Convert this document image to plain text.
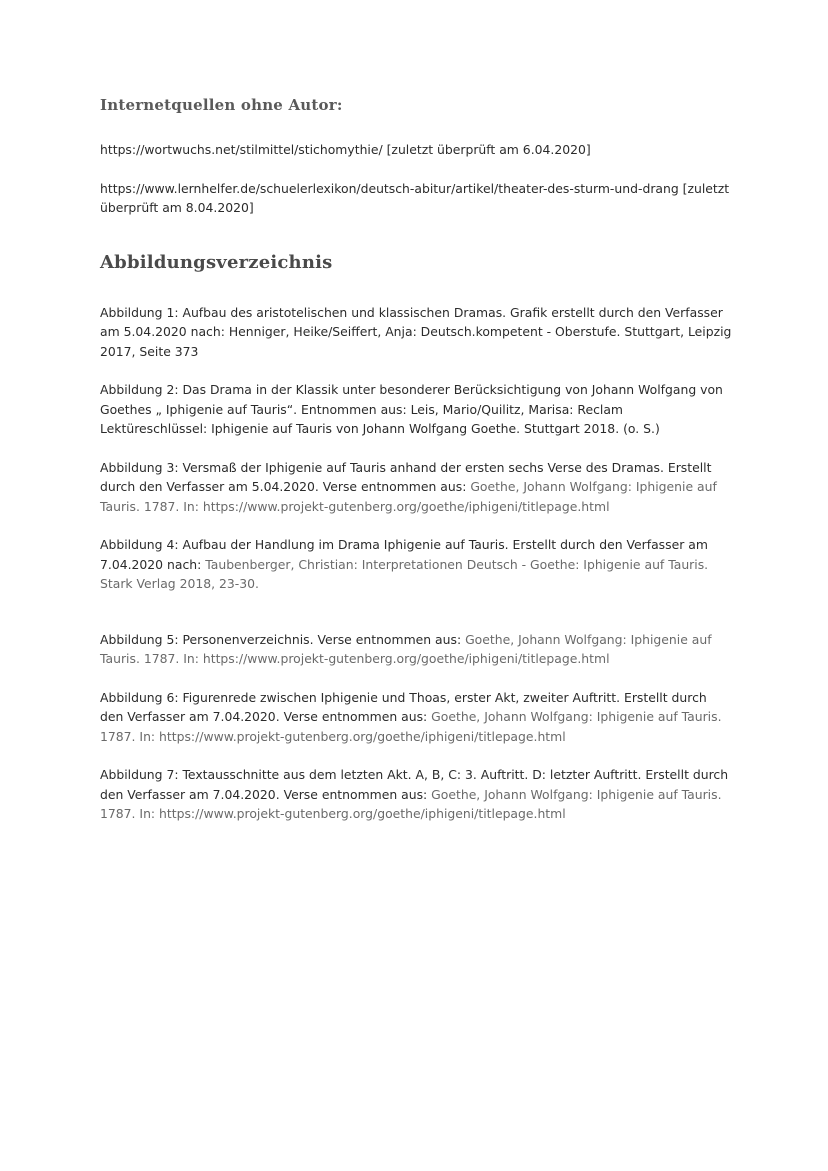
Internetquellen ohne Autor:

https://wortwuchs.net/stilmittel/stichomythie/ [zuletzt überprüft am 6.04.2020]

https://www.lernhelfer.de/schuelerlexikon/deutsch-abitur/artikel/theater-des-sturm-und-drang [zuletzt überprüft am 8.04.2020]

Abbildungsverzeichnis

Abbildung 1: Aufbau des aristotelischen und klassischen Dramas. Grafik erstellt durch den Verfasser am 5.04.2020 nach: Henniger, Heike/Seiffert, Anja: Deutsch.kompetent - Oberstufe. Stuttgart, Leipzig 2017, Seite 373

Abbildung 2: Das Drama in der Klassik unter besonderer Berücksichtigung von Johann Wolfgang von Goethes „ Iphigenie auf Tauris“. Entnommen aus: Leis, Mario/Quilitz, Marisa: Reclam Lektüreschlüssel: Iphigenie auf Tauris von Johann Wolfgang Goethe. Stuttgart 2018. (o. S.)

Abbildung 3: Versmaß der Iphigenie auf Tauris anhand der ersten sechs Verse des Dramas. Erstellt durch den Verfasser am 5.04.2020. Verse entnommen aus: Goethe, Johann Wolfgang: Iphigenie auf Tauris. 1787. In: https://www.projekt-gutenberg.org/goethe/iphigeni/titlepage.html

Abbildung 4: Aufbau der Handlung im Drama Iphigenie auf Tauris. Erstellt durch den Verfasser am 7.04.2020 nach: Taubenberger, Christian: Interpretationen Deutsch - Goethe: Iphigenie auf Tauris. Stark Verlag 2018, 23-30.

Abbildung 5: Personenverzeichnis. Verse entnommen aus: Goethe, Johann Wolfgang: Iphigenie auf Tauris. 1787. In: https://www.projekt-gutenberg.org/goethe/iphigeni/titlepage.html

Abbildung 6: Figurenrede zwischen Iphigenie und Thoas, erster Akt, zweiter Auftritt. Erstellt durch den Verfasser am 7.04.2020. Verse entnommen aus: Goethe, Johann Wolfgang: Iphigenie auf Tauris. 1787. In: https://www.projekt-gutenberg.org/goethe/iphigeni/titlepage.html

Abbildung 7: Textausschnitte aus dem letzten Akt. A, B, C: 3. Auftritt. D: letzter Auftritt. Erstellt durch den Verfasser am 7.04.2020. Verse entnommen aus: Goethe, Johann Wolfgang: Iphigenie auf Tauris. 1787. In: https://www.projekt-gutenberg.org/goethe/iphigeni/titlepage.html
